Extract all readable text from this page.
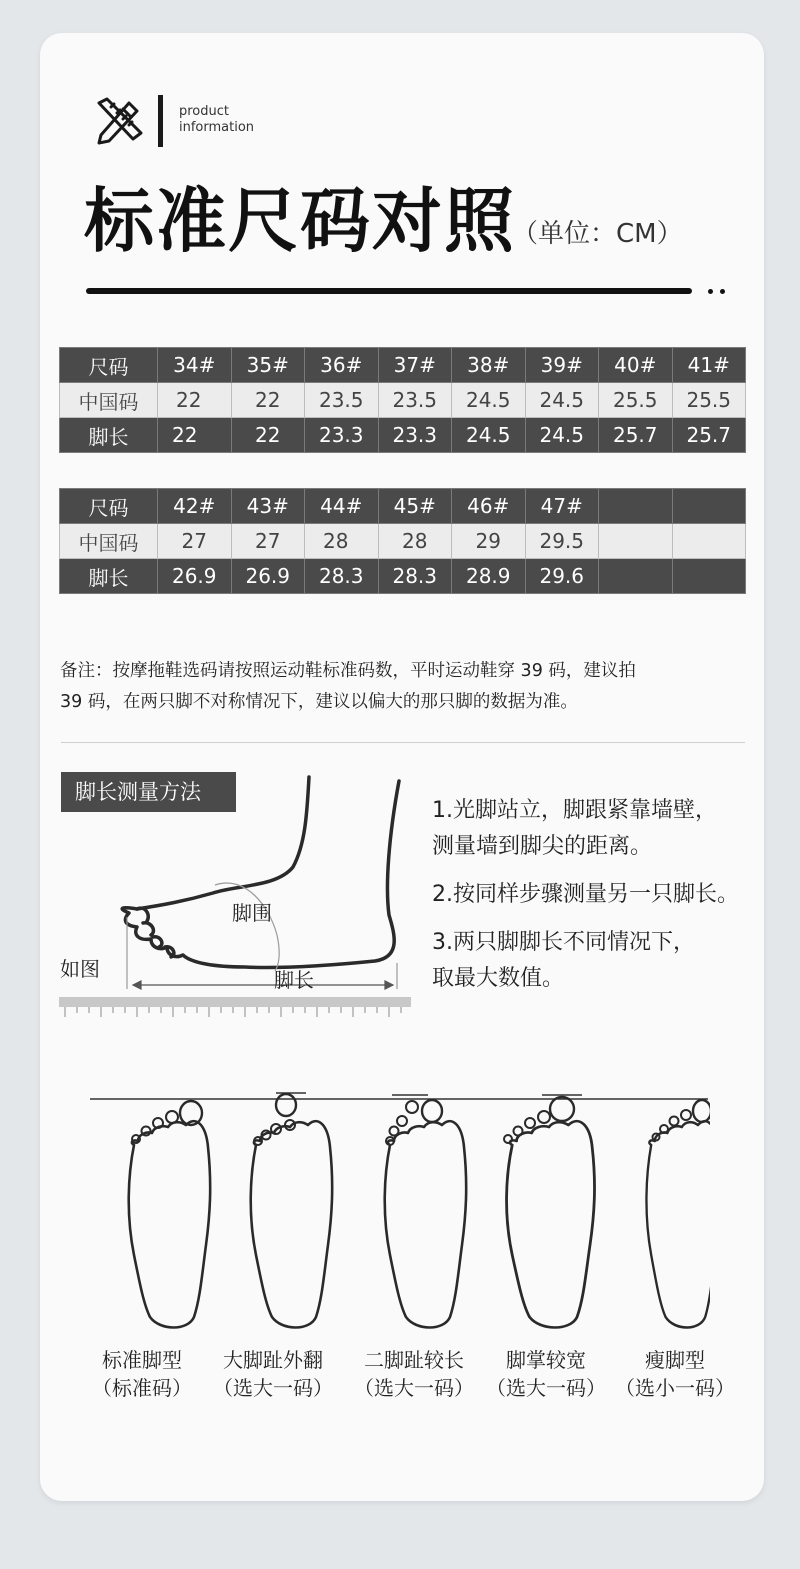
product
information
标准尺码对照
（单位：CM）
尺码	34#	35#	36#	37#	38#	39#	40#	41#
中国码	22	22	23.5	23.5	24.5	24.5	25.5	25.5
脚长	22	22	23.3	23.3	24.5	24.5	25.7	25.7
尺码	42#	43#	44#	45#	46#	47#		
中国码	27	27	28	28	29	29.5		
脚长	26.9	26.9	28.3	28.3	28.9	29.6		
备注：按摩拖鞋选码请按照运动鞋标准码数，平时运动鞋穿 39 码，建议拍
39 码，在两只脚不对称情况下，建议以偏大的那只脚的数据为准。
脚长测量方法
脚围
脚长
如图

1.光脚站立，脚跟紧靠墙壁，
测量墙到脚尖的距离。

2.按同样步骤测量另一只脚长。

3.两只脚脚长不同情况下，
取最大数值。

标准脚型
（标准码）
大脚趾外翻
（选大一码）
二脚趾较长
（选大一码）
脚掌较宽
（选大一码）
瘦脚型
（选小一码）
